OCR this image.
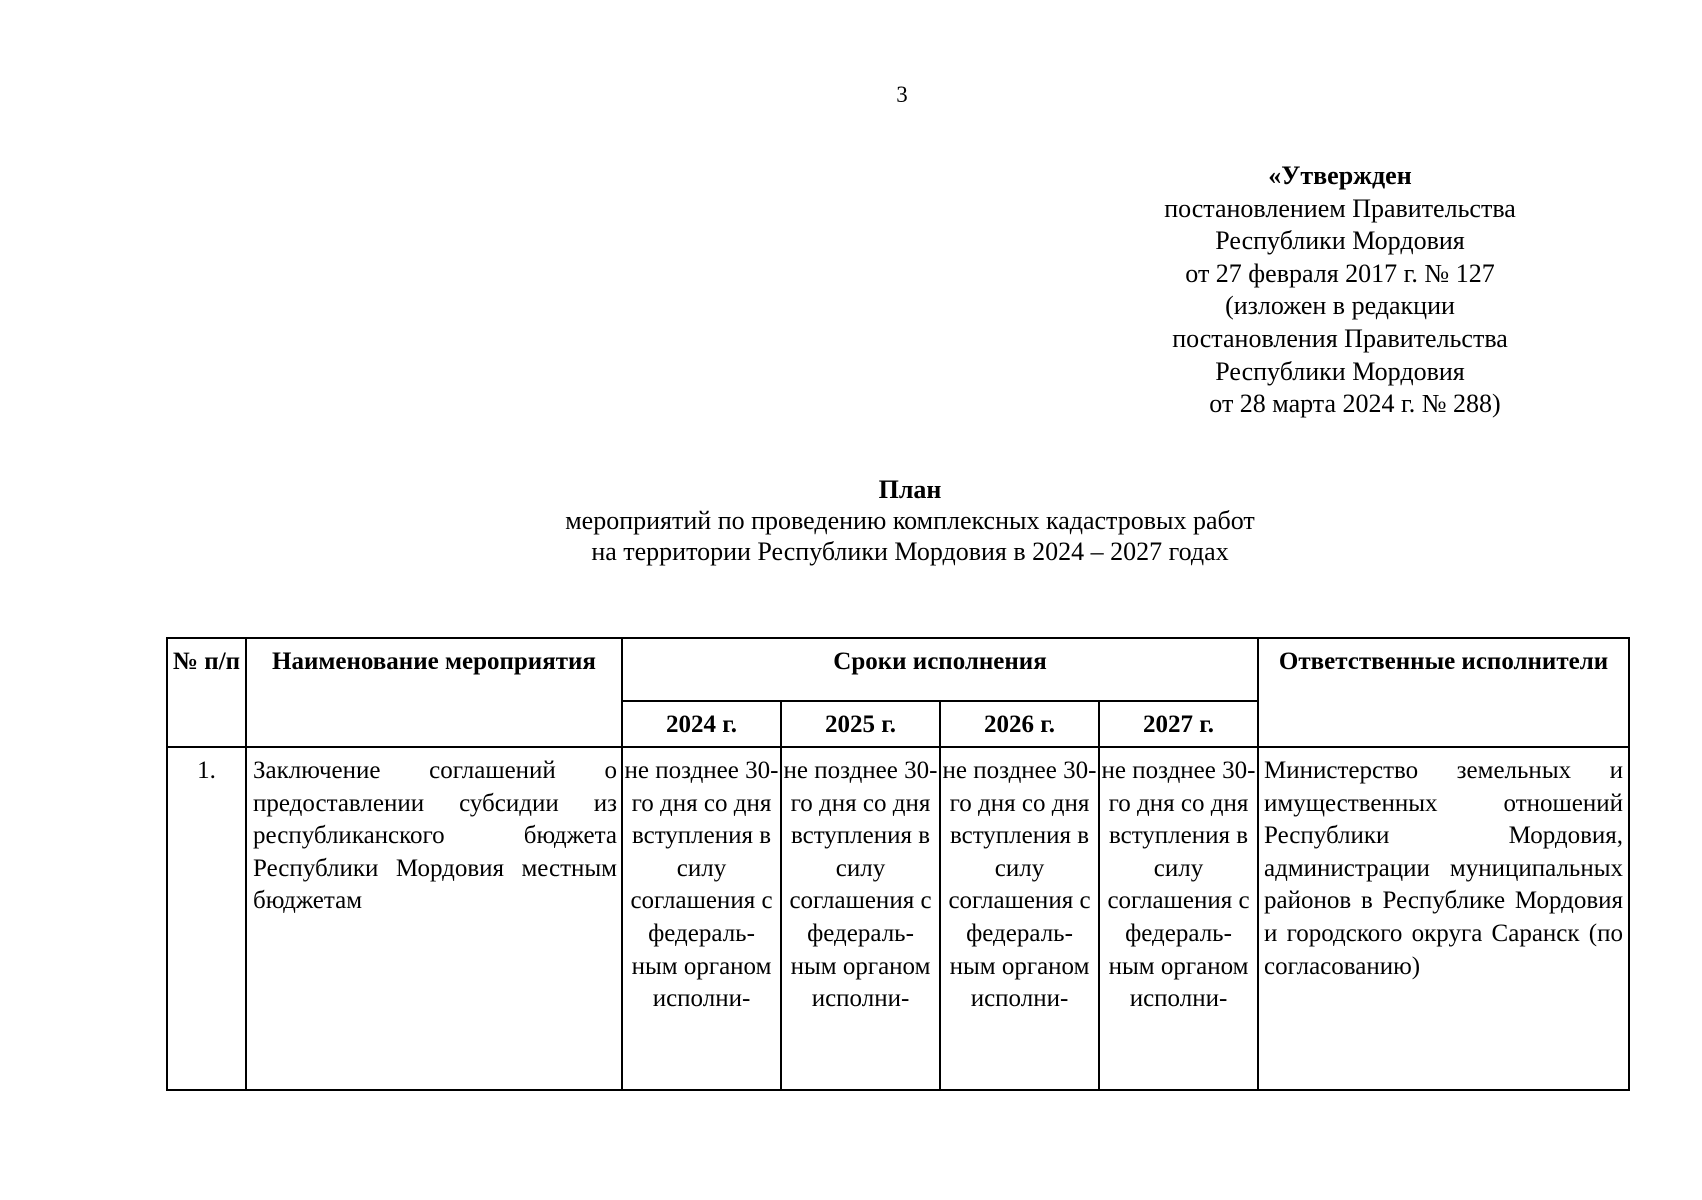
3
«Утвержден
постановлением Правительства
Республики Мордовия
от 27 февраля 2017 г. № 127
(изложен в редакции
постановления Правительства
Республики Мордовия
от 28 марта 2024 г. № 288)
План
мероприятий по проведению комплексных кадастровых работ
на территории Республики Мордовия в 2024 – 2027 годах
№ п/п	Наименование мероприятия	Сроки исполнения				Ответственные исполнители
		2024 г.	2025 г.	2026 г.	2027 г.	
1.	Заключение соглашений о предоставлении субсидии из республиканского бюджета Республики Мордовия местным бюджетам	не позднее 30-го дня со дня вступления в силу соглашения с федераль- ным органом исполни-	не позднее 30-го дня со дня вступления в силу соглашения с федераль- ным органом исполни-	не позднее 30-го дня со дня вступления в силу соглашения с федераль- ным органом исполни-	не позднее 30-го дня со дня вступления в силу соглашения с федераль- ным органом исполни-	Министерство земельных и имущественных отношений Республики Мордовия, администрации муниципальных районов в Республике Мордовия и городского округа Саранск (по согласованию)
